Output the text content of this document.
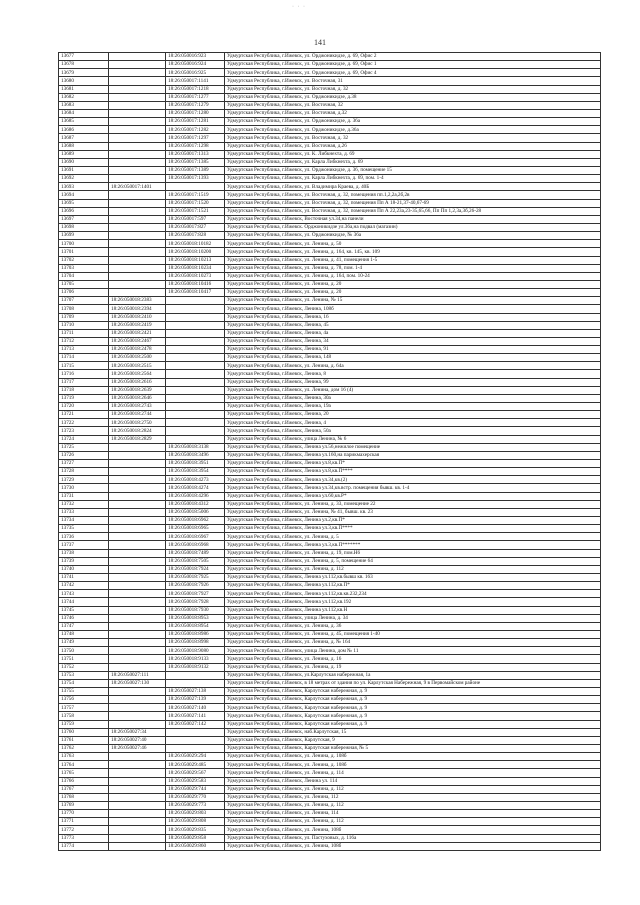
· · ·
141
13677		18:26:050016:923	Удмуртская Республика, г.Ижевск, ул. Орджоникидзе, д. 69, Офис 2
13678		18:26:050016:924	Удмуртская Республика, г.Ижевск, ул. Орджоникидзе, д. 69, Офис 1
13679		18:26:050016:925	Удмуртская Республика, г.Ижевск, ул. Орджоникидзе, д. 69, Офис 4
13680		18:26:050017:1141	Удмуртская Республика, г.Ижевск, ул. Восточная, 31
13681		18:26:050017:1218	Удмуртская Республика, г.Ижевск, ул. Восточная, д. 32
13682		18:26:050017:1277	Удмуртская Республика, г.Ижевск, ул. Орджоникидзе, д.38
13683		18:26:050017:1279	Удмуртская Республика, г.Ижевск, ул. Восточная, 32
13684		18:26:050017:1280	Удмуртская Республика, г.Ижевск, ул. Восточная, д.32
13685		18:26:050017:1281	Удмуртская Республика, г.Ижевск, ул. Орджоникидзе, д. 36а
13686		18:26:050017:1282	Удмуртская Республика, г.Ижевск, ул. Орджоникидзе, д.36а
13687		18:26:050017:1297	Удмуртская Республика, г.Ижевск, ул. Восточная, д. 32
13688		18:26:050017:1298	Удмуртская Республика, г.Ижевск, ул. Восточная, д.26
13689		18:26:050017:1313	Удмуртская Республика, г.Ижевск, ул. К. Либкнехта, д. 69
13690		18:26:050017:1385	Удмуртская Республика, г.Ижевск, ул. Карла Либкнехта, д. 69
13691		18:26:050017:1389	Удмуртская Республика, г.Ижевск, ул. Орджоникидзе, д. 36, помещение 15
13692		18:26:050017:1393	Удмуртская Республика, г.Ижевск, ул. Карла Либкнехта, д. 69, пом. 1-4
13693	18:26:050017:1401		Удмуртская Республика, г.Ижевск, ул. Владимира Краева, д. 40Б
13694		18:26:050017:1519	Удмуртская Республика, г.Ижевск, ул. Восточная, д. 32, помещения пп.1,2,2а,2б,2в
13695		18:26:050017:1520	Удмуртская Республика, г.Ижевск, ул. Восточная, д. 32, помещения Пп А 18-21,37-40,67-69
13696		18:26:050017:1521	Удмуртская Республика, г.Ижевск, ул. Восточная, д. 32, помещения Пп А 22,23а,23-35,65,66, Пп Пп 1,2,3а,3б,26-28
13697		18:26:050017:597	Удмуртская Республика, г.Ижевск, Восточная ул.34,на панели
13698		18:26:050017:827	Удмуртская Республика, г.Ижевск. Орджоникидзе ул.36а,на подвал (магазин)
13699		18:26:050017:828	Удмуртская Республика, г.Ижевск, ул. Орджоникидзе, № 36а
13700		18:26:050018:10182	Удмуртская Республика, г.Ижевск, ул. Ленина, д. 50
13701		18:26:050018:10200	Удмуртская Республика, г.Ижевск, ул. Ленина, д. 164, кв. 145, кв. 109
13702		18:26:050018:10213	Удмуртская Республика, г.Ижевск, ул. Ленина, д. 41, помещения 1-5
13703		18:26:050018:10234	Удмуртская Республика, г.Ижевск, ул. Ленина, д. 78, пом. 1-4
13704		18:26:050018:10273	Удмуртская Республика, г.Ижевск, ул. Ленина, д. 164, пом. 10-24
13705		18:26:050018:10416	Удмуртская Республика, г.Ижевск, ул. Ленина, д. 20
13706		18:26:050018:10417	Удмуртская Республика, г.Ижевск, ул. Ленина, д. 20
13707	18:26:050018:2383		Удмуртская Республика, г.Ижевск, ул. Ленина, № 15
13708	18:26:050018:2394		Удмуртская Республика, г.Ижевск, Ленина, 108б
13709	18:26:050018:2410		Удмуртская Республика, г.Ижевск, Ленина, 16
13710	18:26:050018:2419		Удмуртская Республика, г.Ижевск, Ленина, 45
13711	18:26:050018:2421		Удмуртская Республика, г.Ижевск, Ленина, 4а
13712	18:26:050018:2467		Удмуртская Республика, г.Ижевск, Ленина, 34
13713	18:26:050018:2478		Удмуртская Республика, г.Ижевск, Ленина, 91
13714	18:26:050018:2500		Удмуртская Республика, г.Ижевск, Ленина, 148
13715	18:26:050018:2515		Удмуртская Республика, г.Ижевск, ул. Ленина, д. 64а
13716	18:26:050018:2564		Удмуртская Республика, г.Ижевск, Ленина, 8
13717	18:26:050018:2616		Удмуртская Республика, г.Ижевск, Ленина, 99
13718	18:26:050018:2639		Удмуртская Республика, г.Ижевск, ул. Ленина, дом 16 (4)
13719	18:26:050018:2646		Удмуртская Республика, г.Ижевск, Ленина, 30а
13720	18:26:050018:2743		Удмуртская Республика, г.Ижевск, Ленина, 19а
13721	18:26:050018:2744		Удмуртская Республика, г.Ижевск, Ленина, 20
13722	18:26:050018:2750		Удмуртская Республика, г.Ижевск, Ленина, 4
13723	18:26:050018:2824		Удмуртская Республика, г.Ижевск, Ленина, 50а
13724	18:26:050018:2829		Удмуртская Республика, г.Ижевск, улица Ленина, № 6
13725		18:26:050018:3138	Удмуртская Республика, г.Ижевск, Ленина ул.56,нежилое помещение
13726		18:26:050018:3496	Удмуртская Республика, г.Ижевск, Ленина ул.160,на парикмахерская
13727		18:26:050018:3951	Удмуртская Республика, г.Ижевск, Ленина ул.8,кв.П*
13728		18:26:050018:3954	Удмуртская Республика, г.Ижевск, Ленина ул.8,кв.П****
13729		18:26:050018:4273	Удмуртская Республика, г.Ижевск, Ленина ул.34,кв.(2)
13730		18:26:050018:4274	Удмуртская Республика, г.Ижевск, Ленина ул.34,кв.встр. помещения бывш. кв. 1-4
13731		18:26:050018:4296	Удмуртская Республика, г.Ижевск, Ленина ул.60,кв.Р*
13732		18:26:050018:4312	Удмуртская Республика, г.Ижевск, ул. Ленина, д. 33, помещение 22
13733		18:26:050018:5006	Удмуртская Республика, г.Ижевск, ул. Ленина, № 41, бывш. кв. 23
13734		18:26:050018:6962	Удмуртская Республика, г.Ижевск, Ленина ул.2,кв.П*
13735		18:26:050018:6965	Удмуртская Республика, г.Ижевск, Ленина ул.3,кв.П****
13736		18:26:050018:6967	Удмуртская Республика, г.Ижевск, ул. Ленина, д. 5
13737		18:26:050018:6968	Удмуртская Республика, г.Ижевск, Ленина ул.3,кв.П*******
13738		18:26:050018:7489	Удмуртская Республика, г.Ижевск, ул. Ленина, д. 19, пом.Н6
13739		18:26:050018:7505	Удмуртская Республика, г.Ижевск, ул. Ленина, д. 5, помещение 64
13740		18:26:050018:7924	Удмуртская Республика, г.Ижевск, ул. Ленина, д. 112
13741		18:26:050018:7925	Удмуртская Республика, г.Ижевск, Ленина ул.112,кв.бывш кв. 163
13742		18:26:050018:7926	Удмуртская Республика, г.Ижевск, Ленина ул.112,кв.П*
13743		18:26:050018:7927	Удмуртская Республика, г.Ижевск, Ленина ул.112,кв.кв.232,234
13744		18:26:050018:7928	Удмуртская Республика, г.Ижевск, Ленина ул.112,кв.192
13745		18:26:050018:7930	Удмуртская Республика, г.Ижевск, Ленина ул.112,кв.Н
13746		18:26:050018:8953	Удмуртская Республика, г.Ижевск, улица Ленина, д. 34
13747		18:26:050018:8954	Удмуртская Республика, г.Ижевск, ул. Ленина, д. 36
13748		18:26:050018:8986	Удмуртская Республика, г.Ижевск, ул. Ленина, д. 45, помещения 1-40
13749		18:26:050018:8998	Удмуртская Республика, г.Ижевск, ул. Ленина, д. № 164
13750		18:26:050018:9080	Удмуртская Республика, г.Ижевск, улица Ленина, дом № 11
13751		18:26:050018:9133	Удмуртская Республика, г.Ижевск, ул. Ленина, д. 16
13752		18:26:050018:9132	Удмуртская Республика, г.Ижевск, ул. Ленина, д. 19
13753	18:26:050027:111		Удмуртская Республика, г.Ижевск, ул.Карлутская набережная, 1а
13754	18:26:050027:130		Удмуртская Республика, г.Ижевск, в 18 метрах от здания по ул. Карлутская Набережная, 9 в Первомайском районе
13755		18:26:050027:138	Удмуртская Республика, г.Ижевск, Карлутская набережная, д. 9
13756		18:26:050027:139	Удмуртская Республика, г.Ижевск, Карлутская набережная, д. 9
13757		18:26:050027:140	Удмуртская Республика, г.Ижевск, Карлутская набережная, д. 9
13758		18:26:050027:141	Удмуртская Республика, г.Ижевск, Карлутская набережная, д. 9
13759		18:26:050027:142	Удмуртская Республика, г.Ижевск, Карлутская набережная, д. 9
13760	18:26:050027:34		Удмуртская Республика, г.Ижевск, наб.Карлутская, 15
13761	18:26:050027:40		Удмуртская Республика, г.Ижевск, Карлутская, 9
13762	18:26:050027:46		Удмуртская Республика, г.Ижевск, Карлутская набережная, № 5
13763		18:26:050029:294	Удмуртская Республика, г.Ижевск, ул. Ленина, д. 108б
13764		18:26:050029:485	Удмуртская Республика, г.Ижевск, ул. Ленина, д. 108б
13765		18:26:050029:567	Удмуртская Республика, г.Ижевск, ул. Ленина, д. 114
13766		18:26:050029:583	Удмуртская Республика, г.Ижевск, Ленина ул. 114
13767		18:26:050029:744	Удмуртская Республика, г.Ижевск, ул. Ленина, д. 112
13768		18:26:050029:770	Удмуртская Республика, г.Ижевск, ул. Ленина, 112
13769		18:26:050029:773	Удмуртская Республика, г.Ижевск, ул. Ленина, д. 112
13770		18:26:050029:803	Удмуртская Республика, г.Ижевск, ул. Ленина, 114
13771		18:26:050029:808	Удмуртская Республика, г.Ижевск, ул. Ленина, д. 112
13772		18:26:050029:835	Удмуртская Республика, г.Ижевск, ул. Ленина, 108б
13773		18:26:050029:858	Удмуртская Республика, г.Ижевск, ул. Пастуховых, д. 116а
13774		18:26:050029:860	Удмуртская Республика, г.Ижевск, ул. Ленина, 108б
